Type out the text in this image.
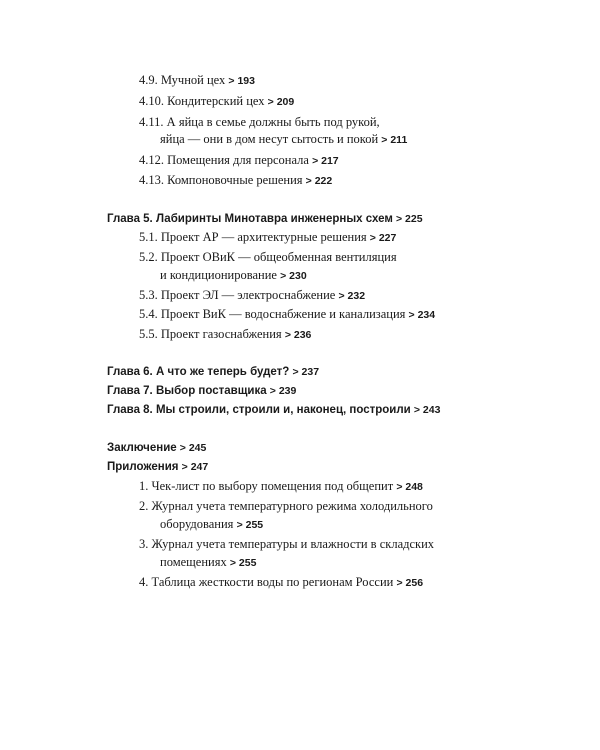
4.9. Мучной цех > 193
4.10. Кондитерский цех > 209
4.11. А яйца в семье должны быть под рукой,
яйца — они в дом несут сытость и покой > 211
4.12. Помещения для персонала > 217
4.13. Компоновочные решения > 222
Глава 5. Лабиринты Минотавра инженерных схем > 225
5.1. Проект АР — архитектурные решения > 227
5.2. Проект ОВиК — общеобменная вентиляция
и кондиционирование > 230
5.3. Проект ЭЛ — электроснабжение > 232
5.4. Проект ВиК — водоснабжение и канализация > 234
5.5. Проект газоснабжения > 236
Глава 6. А что же теперь будет? > 237
Глава 7. Выбор поставщика > 239
Глава 8. Мы строили, строили и, наконец, построили > 243
Заключение > 245
Приложения > 247
1. Чек-лист по выбору помещения под общепит > 248
2. Журнал учета температурного режима холодильного
оборудования > 255
3. Журнал учета температуры и влажности в складских
помещениях > 255
4. Таблица жесткости воды по регионам России > 256
